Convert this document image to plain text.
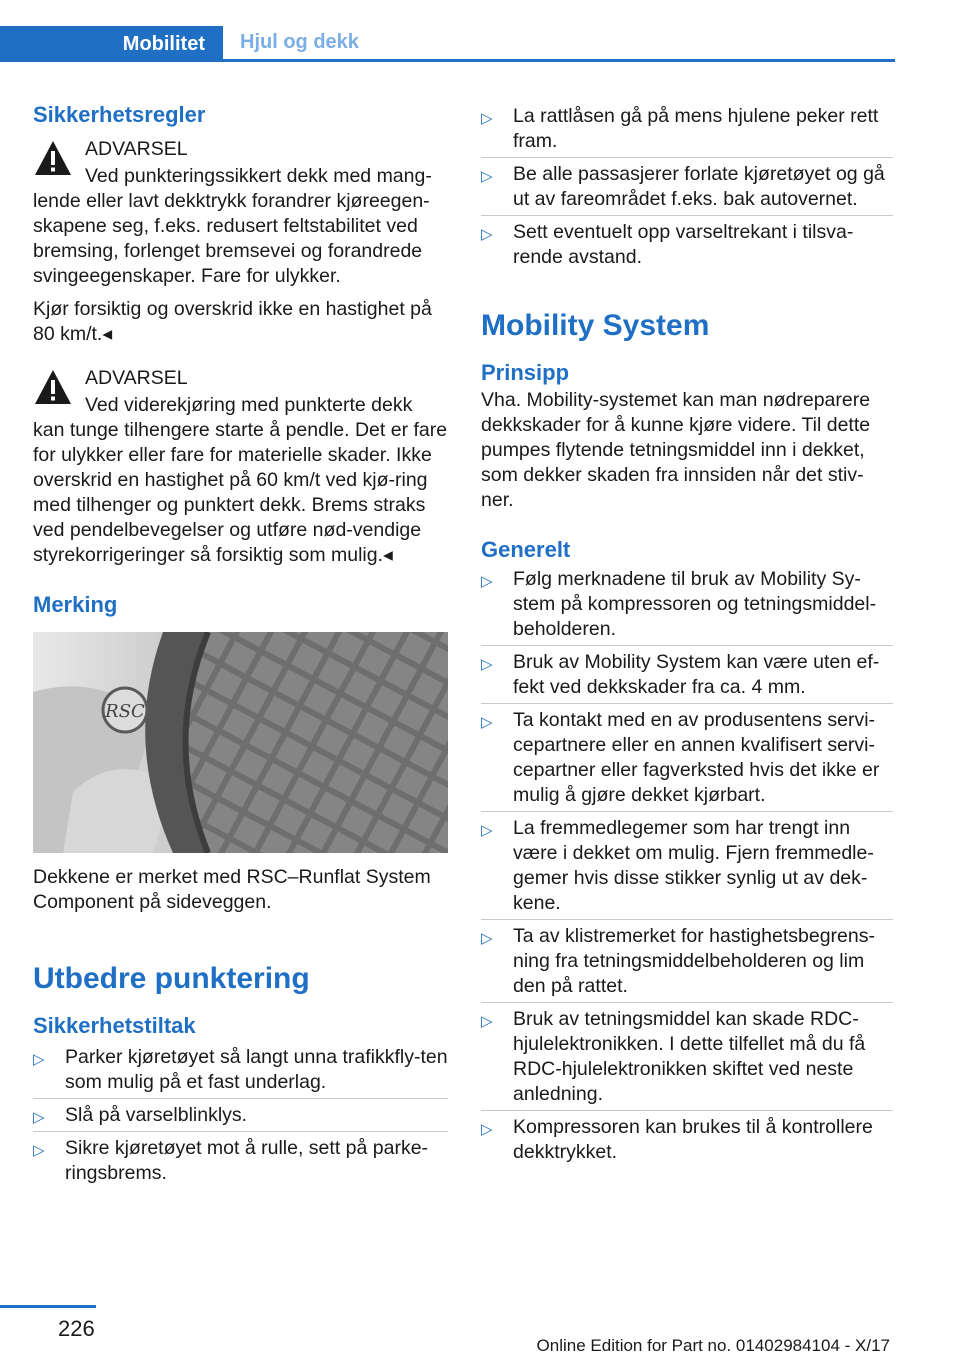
Mobilitet	Hjul og dekk
Sikkerhetsregler
ADVARSEL

Ved punkteringssikkert dekk med mang-

lende eller lavt dekktrykk forandrer kjøreegen-skapene seg, f.eks. redusert feltstabilitet ved bremsing, forlenget bremsevei og forandrede svingeegenskaper. Fare for ulykker.

Kjør forsiktig og overskrid ikke en hastighet på 80 km/t.◂

ADVARSEL

Ved viderekjøring med punkterte dekk

kan tunge tilhengere starte å pendle. Det er fare for ulykker eller fare for materielle skader. Ikke overskrid en hastighet på 60 km/t ved kjø-ring med tilhenger og punktert dekk. Brems straks ved pendelbevegelser og utføre nød-vendige styrekorrigeringer så forsiktig som mulig.◂

Merking
RSC

Dekkene er merket med RSC–Runflat System Component på sideveggen.

Utbedre punktering
Sikkerhetstiltak
▷	Parker kjøretøyet så langt unna trafikkfly-ten som mulig på et fast underlag.
▷	Slå på varselblinklys.
▷	Sikre kjøretøyet mot å rulle, sett på parke-ringsbrems.
▷	La rattlåsen gå på mens hjulene peker rett fram.
▷	Be alle passasjerer forlate kjøretøyet og gå ut av fareområdet f.eks. bak autovernet.
▷	Sett eventuelt opp varseltrekant i tilsva-rende avstand.
Mobility System
Prinsipp

Vha. Mobility-systemet kan man nødreparere dekkskader for å kunne kjøre videre. Til dette pumpes flytende tetningsmiddel inn i dekket, som dekker skaden fra innsiden når det stiv-ner.

Generelt
▷	Følg merknadene til bruk av Mobility Sy-stem på kompressoren og tetningsmiddel-beholderen.
▷	Bruk av Mobility System kan være uten ef-fekt ved dekkskader fra ca. 4 mm.
▷	Ta kontakt med en av produsentens servi-cepartnere eller en annen kvalifisert servi-cepartner eller fagverksted hvis det ikke er mulig å gjøre dekket kjørbart.
▷	La fremmedlegemer som har trengt inn være i dekket om mulig. Fjern fremmedle-gemer hvis disse stikker synlig ut av dek-kene.
▷	Ta av klistremerket for hastighetsbegrens-ning fra tetningsmiddelbeholderen og lim den på rattet.
▷	Bruk av tetningsmiddel kan skade RDC-hjulelektronikken. I dette tilfellet må du få RDC-hjulelektronikken skiftet ved neste anledning.
▷	Kompressoren kan brukes til å kontrollere dekktrykket.
226
Online Edition for Part no. 01402984104 - X/17
